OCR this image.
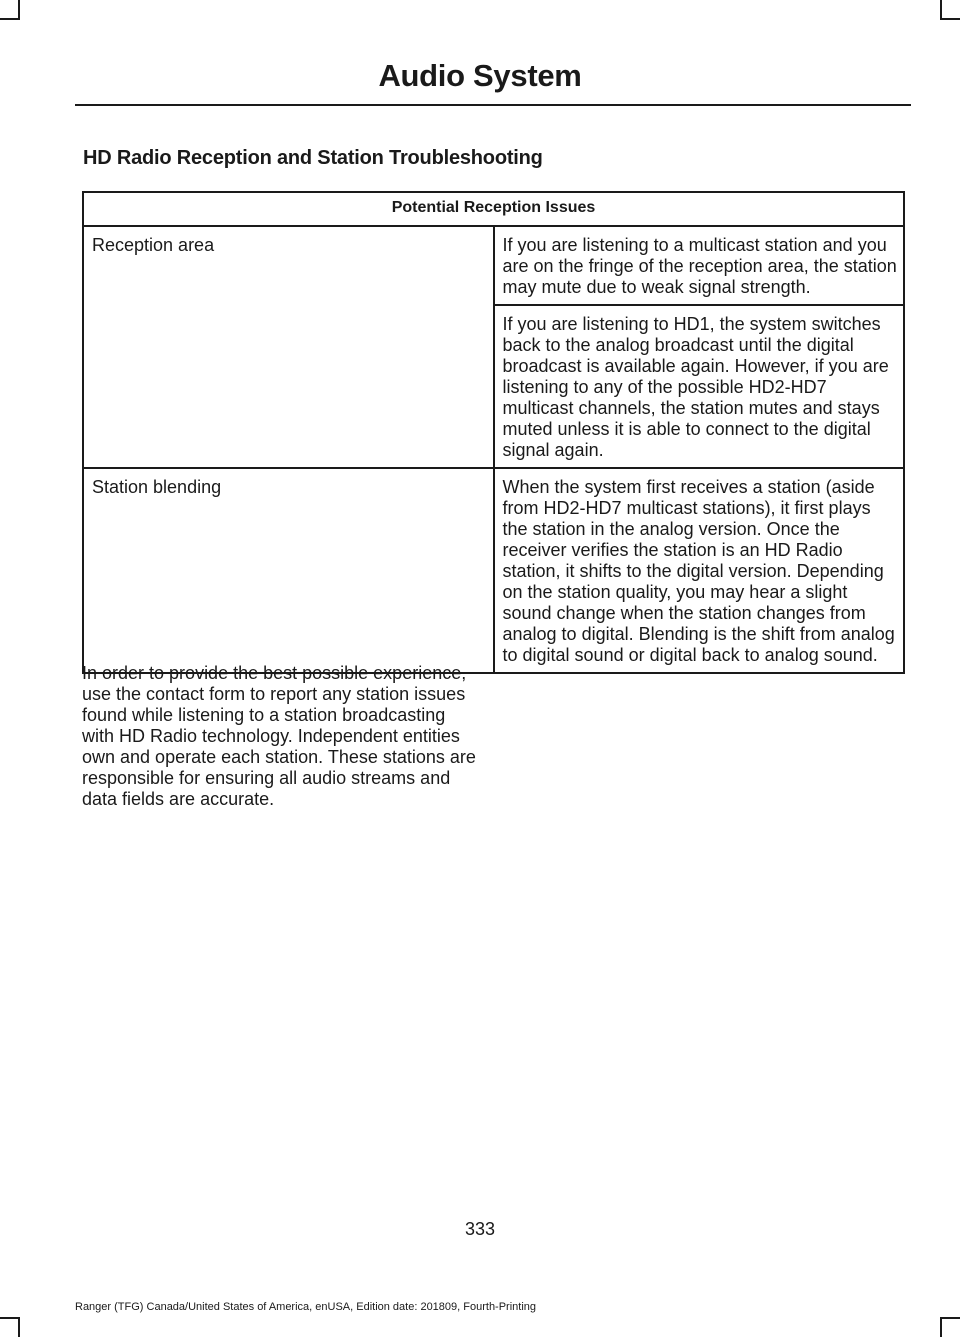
Audio System
HD Radio Reception and Station Troubleshooting
Potential Reception Issues	
Reception area	If you are listening to a multicast station and you are on the fringe of the reception area, the station may mute due to weak signal strength.

	If you are listening to HD1, the system switches back to the analog broadcast until the digital broadcast is available again. However, if you are listening to any of the possible HD2-HD7 multicast channels, the station mutes and stays muted unless it is able to connect to the digital signal again.

Station blending	When the system first receives a station (aside from HD2-HD7 multicast stations), it first plays the station in the analog version. Once the receiver verifies the station is an HD Radio station, it shifts to the digital version. Depending on the station quality, you may hear a slight sound change when the station changes from analog to digital. Blending is the shift from analog to digital sound or digital back to analog sound.

In order to provide the best possible experience, use the contact form to report any station issues found while listening to a station broadcasting with HD Radio technology. Independent entities own and operate each station. These stations are responsible for ensuring all audio streams and data fields are accurate.

333
Ranger (TFG) Canada/United States of America, enUSA, Edition date: 201809, Fourth-Printing
